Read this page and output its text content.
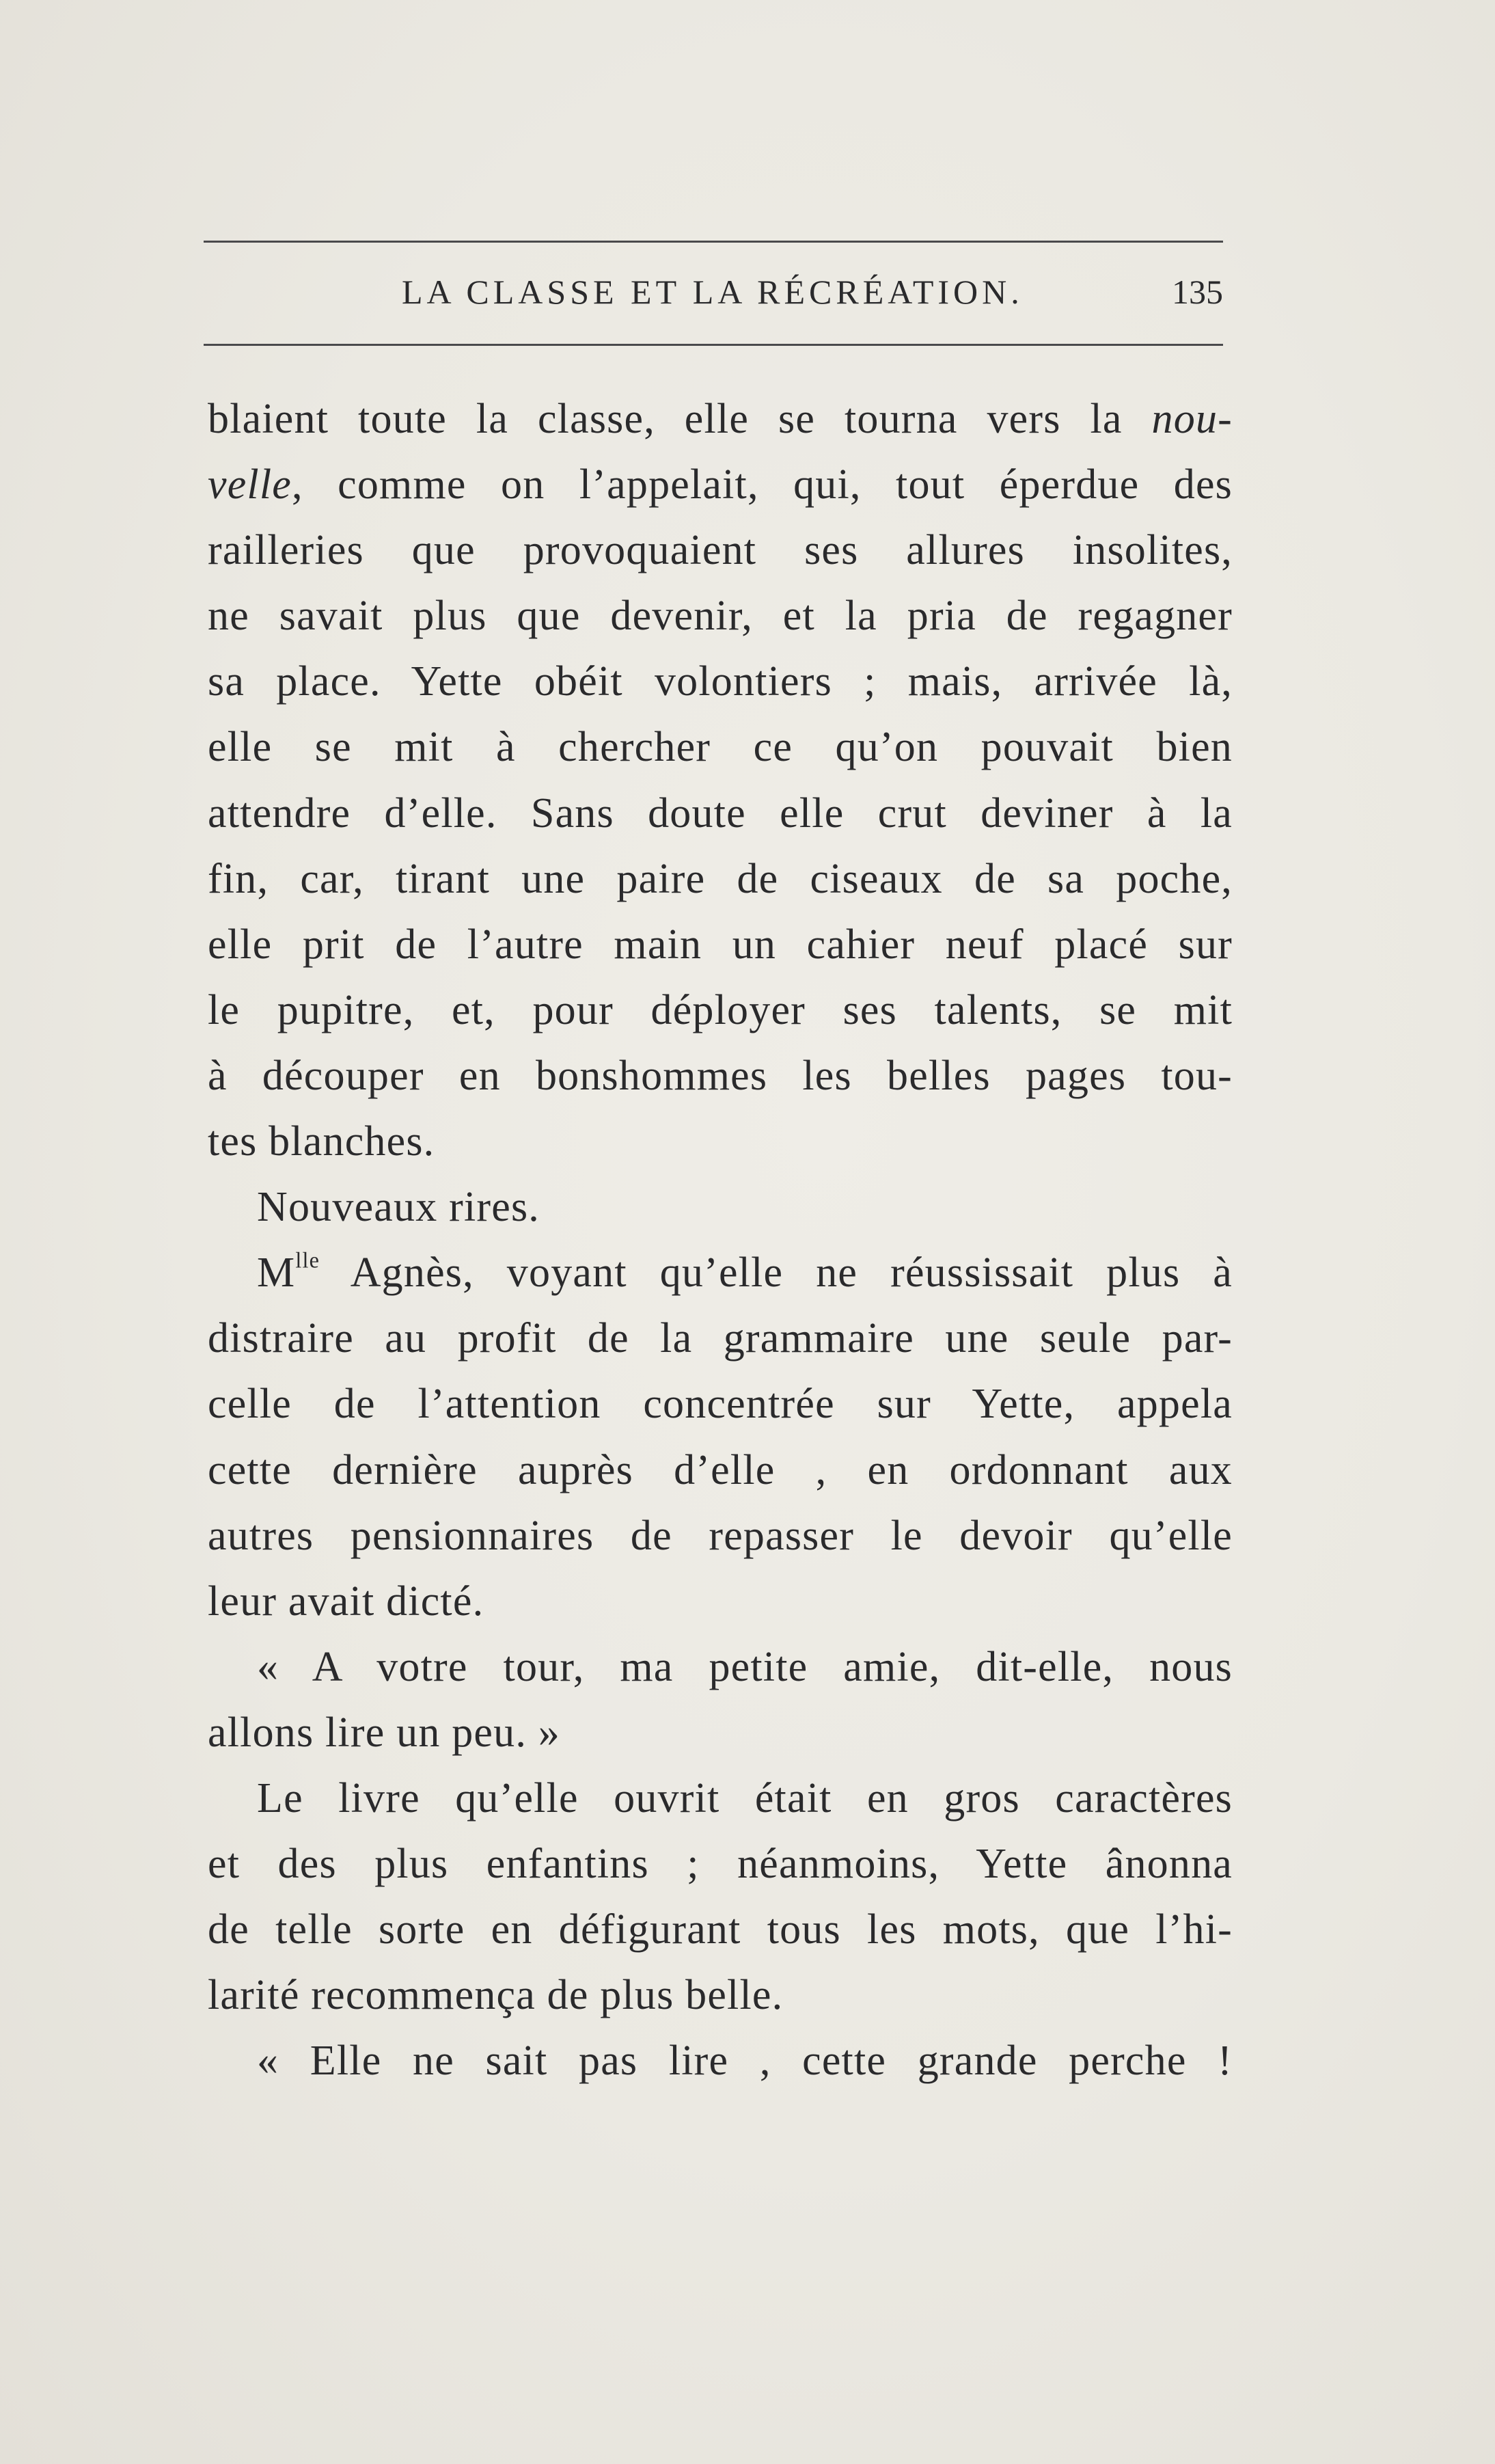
LA CLASSE ET LA RÉCRÉATION.	135
blaient toute la classe, elle se tourna vers la nou-
velle, comme on l’appelait, qui, tout éperdue des
railleries que provoquaient ses allures insolites,
ne savait plus que devenir, et la pria de regagner
sa place. Yette obéit volontiers ; mais, arrivée là,
elle se mit à chercher ce qu’on pouvait bien
attendre d’elle. Sans doute elle crut deviner à la
fin, car, tirant une paire de ciseaux de sa poche,
elle prit de l’autre main un cahier neuf placé sur
le pupitre, et, pour déployer ses talents, se mit
à découper en bonshommes les belles pages tou-
tes blanches.
Nouveaux rires.
$M^{lle}$ Agnès, voyant qu’elle ne réussissait plus à
distraire au profit de la grammaire une seule par-
celle de l’attention concentrée sur Yette, appela
cette dernière auprès d’elle , en ordonnant aux
autres pensionnaires de repasser le devoir qu’elle
leur avait dicté.
« A votre tour, ma petite amie, dit-elle, nous
allons lire un peu. »
Le livre qu’elle ouvrit était en gros caractères
et des plus enfantins ; néanmoins, Yette ânonna
de telle sorte en défigurant tous les mots, que l’hi-
larité recommença de plus belle.
« Elle ne sait pas lire , cette grande perche !
